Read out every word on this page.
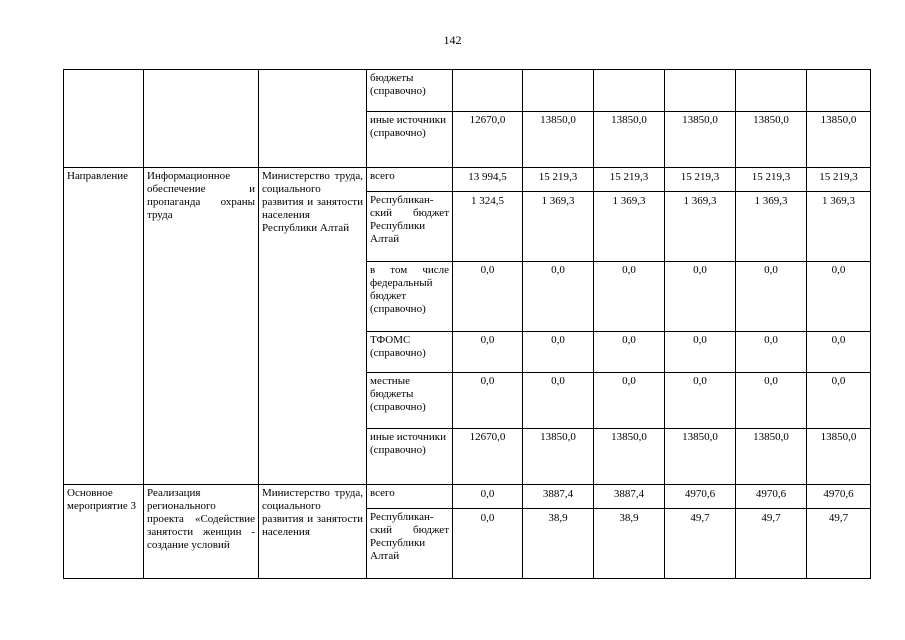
142
			бюджеты (справочно)						
			иные источники (справочно)	12670,0	13850,0	13850,0	13850,0	13850,0	13850,0
Направление	Информационное обеспечение и пропаганда охраны труда	Министерство труда, социального развития и занятости населения Республики Алтай	всего	13 994,5	15 219,3	15 219,3	15 219,3	15 219,3	15 219,3
			Республикан-ский бюджет Республики Алтай	1 324,5	1 369,3	1 369,3	1 369,3	1 369,3	1 369,3
			в том числе федеральный бюджет (справочно)	0,0	0,0	0,0	0,0	0,0	0,0
			ТФОМС (справочно)	0,0	0,0	0,0	0,0	0,0	0,0
			местные бюджеты (справочно)	0,0	0,0	0,0	0,0	0,0	0,0
			иные источники (справочно)	12670,0	13850,0	13850,0	13850,0	13850,0	13850,0
Основное мероприятие 3	Реализация регионального проекта «Содействие занятости женщин - создание условий	Министерство труда, социального развития и занятости населения	всего	0,0	3887,4	3887,4	4970,6	4970,6	4970,6
			Республикан-ский бюджет Республики Алтай	0,0	38,9	38,9	49,7	49,7	49,7
